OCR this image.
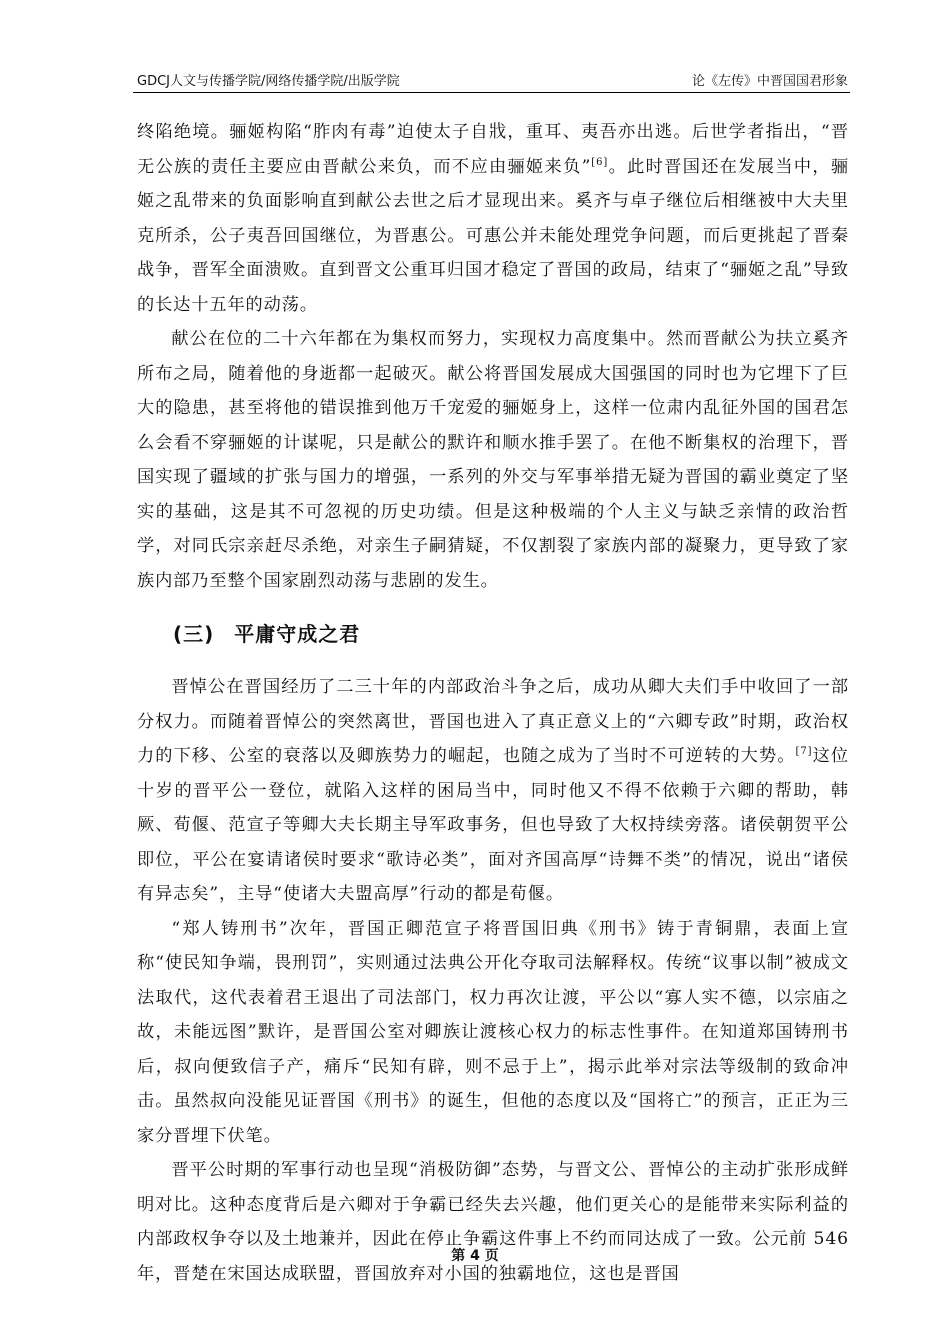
GDCJ人文与传播学院/网络传播学院/出版学院	论《左传》中晋国国君形象

终陷绝境。骊姬构陷“胙肉有毒”迫使太子自戕，重耳、夷吾亦出逃。后世学者指出，“晋无公族的责任主要应由晋献公来负，而不应由骊姬来负”[6]。此时晋国还在发展当中，骊姬之乱带来的负面影响直到献公去世之后才显现出来。奚齐与卓子继位后相继被中大夫里克所杀，公子夷吾回国继位，为晋惠公。可惠公并未能处理党争问题，而后更挑起了晋秦战争，晋军全面溃败。直到晋文公重耳归国才稳定了晋国的政局，结束了“骊姬之乱”导致的长达十五年的动荡。

献公在位的二十六年都在为集权而努力，实现权力高度集中。然而晋献公为扶立奚齐所布之局，随着他的身逝都一起破灭。献公将晋国发展成大国强国的同时也为它埋下了巨大的隐患，甚至将他的错误推到他万千宠爱的骊姬身上，这样一位肃内乱征外国的国君怎么会看不穿骊姬的计谋呢，只是献公的默许和顺水推手罢了。在他不断集权的治理下，晋国实现了疆域的扩张与国力的增强，一系列的外交与军事举措无疑为晋国的霸业奠定了坚实的基础，这是其不可忽视的历史功绩。但是这种极端的个人主义与缺乏亲情的政治哲学，对同氏宗亲赶尽杀绝，对亲生子嗣猜疑，不仅割裂了家族内部的凝聚力，更导致了家族内部乃至整个国家剧烈动荡与悲剧的发生。

(三) 平庸守成之君

晋悼公在晋国经历了二三十年的内部政治斗争之后，成功从卿大夫们手中收回了一部分权力。而随着晋悼公的突然离世，晋国也进入了真正意义上的“六卿专政”时期，政治权力的下移、公室的衰落以及卿族势力的崛起，也随之成为了当时不可逆转的大势。[7]这位十岁的晋平公一登位，就陷入这样的困局当中，同时他又不得不依赖于六卿的帮助，韩厥、荀偃、范宣子等卿大夫长期主导军政事务，但也导致了大权持续旁落。诸侯朝贺平公即位，平公在宴请诸侯时要求“歌诗必类”，面对齐国高厚“诗舞不类”的情况，说出“诸侯有异志矣”，主导“使诸大夫盟高厚”行动的都是荀偃。

“郑人铸刑书”次年，晋国正卿范宣子将晋国旧典《刑书》铸于青铜鼎，表面上宣称“使民知争端，畏刑罚”，实则通过法典公开化夺取司法解释权。传统“议事以制”被成文法取代，这代表着君王退出了司法部门，权力再次让渡，平公以“寡人实不德，以宗庙之故，未能远图”默许，是晋国公室对卿族让渡核心权力的标志性事件。在知道郑国铸刑书后，叔向便致信子产，痛斥“民知有辟，则不忌于上”，揭示此举对宗法等级制的致命冲击。虽然叔向没能见证晋国《刑书》的诞生，但他的态度以及“国将亡”的预言，正正为三家分晋埋下伏笔。

晋平公时期的军事行动也呈现“消极防御”态势，与晋文公、晋悼公的主动扩张形成鲜明对比。这种态度背后是六卿对于争霸已经失去兴趣，他们更关心的是能带来实际利益的内部政权争夺以及土地兼并，因此在停止争霸这件事上不约而同达成了一致。公元前 546 年，晋楚在宋国达成联盟，晋国放弃对小国的独霸地位，这也是晋国

第 4 页
